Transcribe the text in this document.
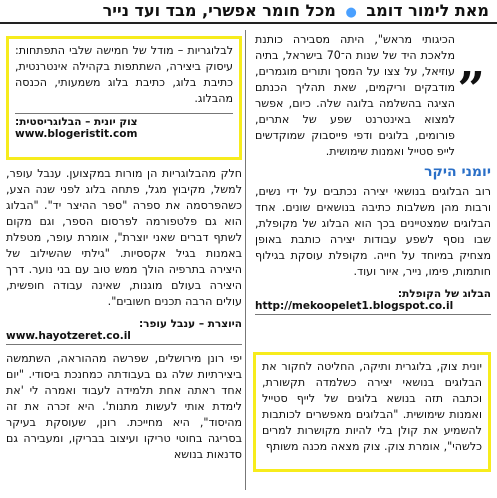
מאת לימור דומב ● מכל חומר אפשרי, מבד ועד נייר
”

הכיגותי מראש", היתה מסבירה כותנת מלאכת היד של שנות ה־70 בישראל, בתיה עוזיאל, על צצו על המסך ותורים מוגמרים, מודבקים וריקמים, שאת תהליך הכנתם הציגה בהשלמה בלוגה שלה. כיום, אפשר למצוא באינטרנט שפע של אתרים, פורומים, בלוגים ודפי פייסבוק שמוקדשים לייפ סטייל ואמנות שימושית.

יומני היקר

רוב הבלוגים בנושאי יצירה נכתבים על ידי נשים, ורבות מהן משלבות כתיבה בנושאים שונים. אחד הבלוגים שמצטיינים בכך הוא הבלוג של מקופלת, שבו נוסף לשפע עבודות יצירה כותבת באופן מצחיק במיוחד על חייה. מקופלת עוסקת בגילוף חותמות, פימו, נייר, איור ועוד.

הבלוג של הקופלת:
http://mekoopelet1.blogspot.co.il

יונית צוק, בלוגרית ותיקה, החליטה לחקור את הבלוגים בנושאי יצירה כשלמדה תקשורת, וכתבה תזה בנושא בלוגים של לייף סטייל ואמנות שימושית. "הבלוגים מאפשרים לכותבות להשמיע את קולן בלי להיות מקושרות למרים כלשהי", אומרת צוק. צוק מצאה מכנה משותף

לבלוגריות – מודל של חמישה שלבי התפתחות: עיסוק ביצירה, השתתפות בקהילה אינטרנטית, כתיבת בלוג, כתיבת בלוג משמעותי, הכנסה מהבלוג.

צוק יונית – הבלוגריסטית:
www.blogeristit.com

חלק מהבלוגריות הן מורות במקצוען. ענבל עופר, למשל, מקיבוץ מגל, פתחה בלוג לפני שנה הצע, כשהפרסמה את ספרה "ספר ההיצר יד". "הבלוג הוא גם פלטפורמה לפרסום הספר, וגם מקום לשתף דברים שאני יוצרת", אומרת עופר, מטפלת באמנות בגיל אקססיות. "גילתי שהשילוב של היצירה בתרפיה הולך ממש טוב עם בני נוער. דרך היצירה בעולם מוגנות, שאינה עבודה חופשית, עולים הרבה תכנים חשובים".

היוצרת – ענבל עופר:
www.hayotzeret.co.il

יפי רונן מירושלים, שפרשה מההוראה, השתמשה ביצירתיות שלה גם בעבודתה כמחנכת ביסודי. "יום אחד ראתה אחת תלמידה לעבוד ואמרה לי 'את לימדת אותי לעשות מתנות'. היא זכרה את זה מהיסוד", היא מחייכת. רונן, שעוסקת בעיקר בסריגה בחוטי טריקו ועיצוב בבריקו, ומעבירה גם סדנאות בנושא
